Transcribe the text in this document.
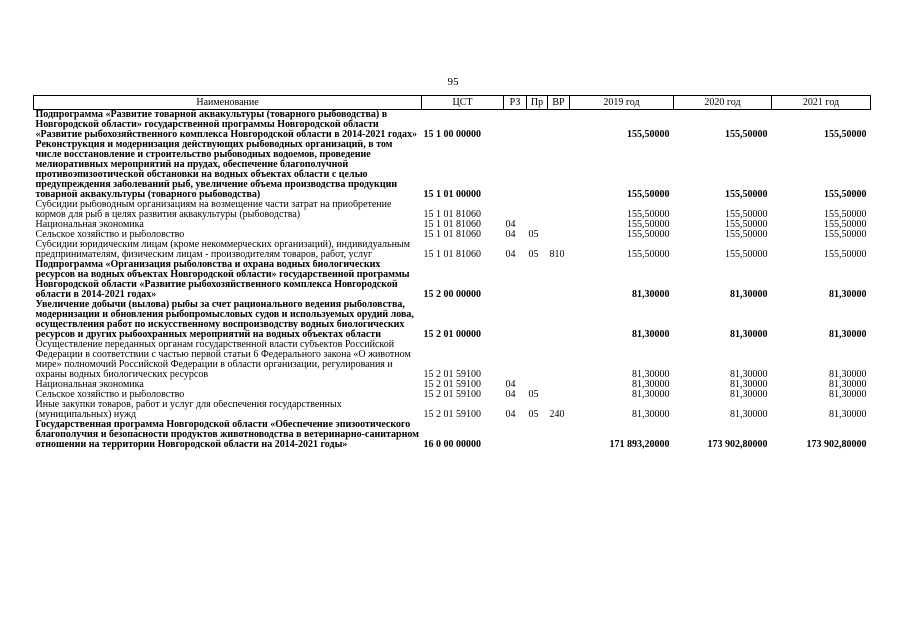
95
Наименование	ЦСТ	РЗ	Пр	ВР	2019 год	2020 год	2021 год
Подпрограмма «Развитие товарной аквакультуры (товарного рыбоводства) в Новгородской области» государственной программы Новгородской области «Развитие рыбохозяйственного комплекса Новгородской области в 2014-2021 годах»	15 1 00 00000				155,50000	155,50000	155,50000
Реконструкция и модернизация действующих рыбоводных организаций, в том числе восстановление и строительство рыбоводных водоемов, проведение мелиоративных мероприятий на прудах, обеспечение благополучной противоэпизоотической обстановки на водных объектах области с целью предупреждения заболеваний рыб, увеличение объема производства продукции товарной аквакультуры (товарного рыбоводства)	15 1 01 00000				155,50000	155,50000	155,50000
Субсидии рыбоводным организациям на возмещение части затрат на приобретение кормов для рыб в целях развития аквакультуры (рыбоводства)	15 1 01 81060				155,50000	155,50000	155,50000
Национальная экономика	15 1 01 81060	04			155,50000	155,50000	155,50000
Сельское хозяйство и рыболовство	15 1 01 81060	04	05		155,50000	155,50000	155,50000
Субсидии юридическим лицам (кроме некоммерческих организаций), индивидуальным предпринимателям, физическим лицам - производителям товаров, работ, услуг	15 1 01 81060	04	05	810	155,50000	155,50000	155,50000
Подпрограмма «Организация рыболовства и охрана водных биологических ресурсов на водных объектах Новгородской области» государственной программы Новгородской области «Развитие рыбохозяйственного комплекса Новгородской области в 2014-2021 годах»	15 2 00 00000				81,30000	81,30000	81,30000
Увеличение добычи (вылова) рыбы за счет рационального ведения рыболовства, модернизации и обновления рыбопромысловых судов и используемых орудий лова, осуществления работ по искусственному воспроизводству водных биологических ресурсов и других рыбоохранных мероприятий на водных объектах области	15 2 01 00000				81,30000	81,30000	81,30000
Осуществление переданных органам государственной власти субъектов Российской Федерации в соответствии с частью первой статьи 6 Федерального закона «О животном мире» полномочий Российской Федерации в области организации, регулирования и охраны водных биологических ресурсов	15 2 01 59100				81,30000	81,30000	81,30000
Национальная экономика	15 2 01 59100	04			81,30000	81,30000	81,30000
Сельское хозяйство и рыболовство	15 2 01 59100	04	05		81,30000	81,30000	81,30000
Иные закупки товаров, работ и услуг для обеспечения государственных (муниципальных) нужд	15 2 01 59100	04	05	240	81,30000	81,30000	81,30000
Государственная программа Новгородской области «Обеспечение эпизоотического благополучия и безопасности продуктов животноводства в ветеринарно-санитарном отношении на территории Новгородской области на 2014-2021 годы»	16 0 00 00000				171 893,20000	173 902,80000	173 902,80000
